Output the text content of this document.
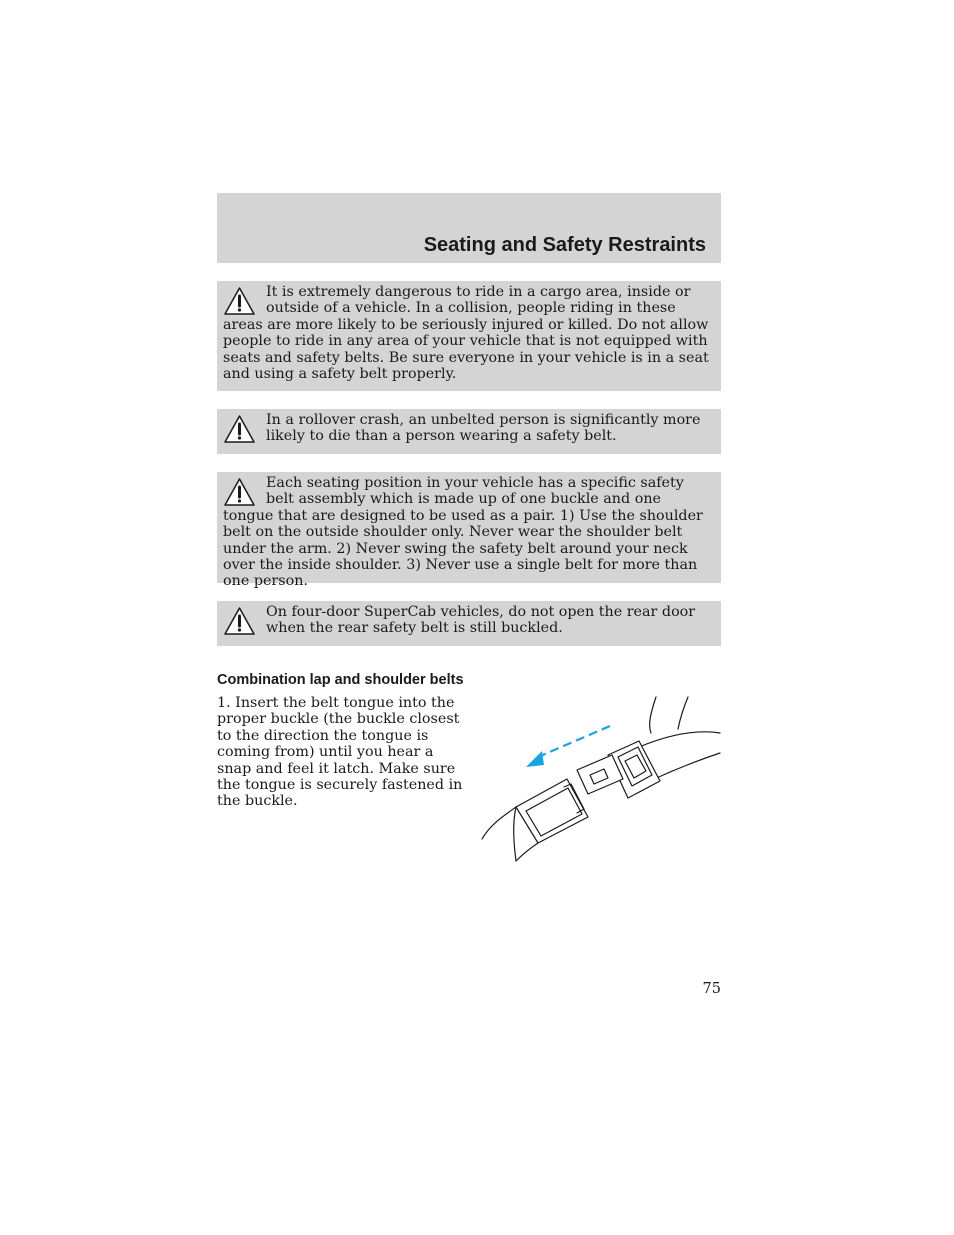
Seating and Safety Restraints

It is extremely dangerous to ride in a cargo area, inside or outside of a vehicle. In a collision, people riding in these areas are more likely to be seriously injured or killed. Do not allow people to ride in any area of your vehicle that is not equipped with seats and safety belts. Be sure everyone in your vehicle is in a seat and using a safety belt properly.

In a rollover crash, an unbelted person is significantly more likely to die than a person wearing a safety belt.

Each seating position in your vehicle has a specific safety belt assembly which is made up of one buckle and one tongue that are designed to be used as a pair. 1) Use the shoulder belt on the outside shoulder only. Never wear the shoulder belt under the arm. 2) Never swing the safety belt around your neck over the inside shoulder. 3) Never use a single belt for more than one person.

On four-door SuperCab vehicles, do not open the rear door when the rear safety belt is still buckled.

Combination lap and shoulder belts

1. Insert the belt tongue into the proper buckle (the buckle closest to the direction the tongue is coming from) until you hear a snap and feel it latch. Make sure the tongue is securely fastened in the buckle.

75
